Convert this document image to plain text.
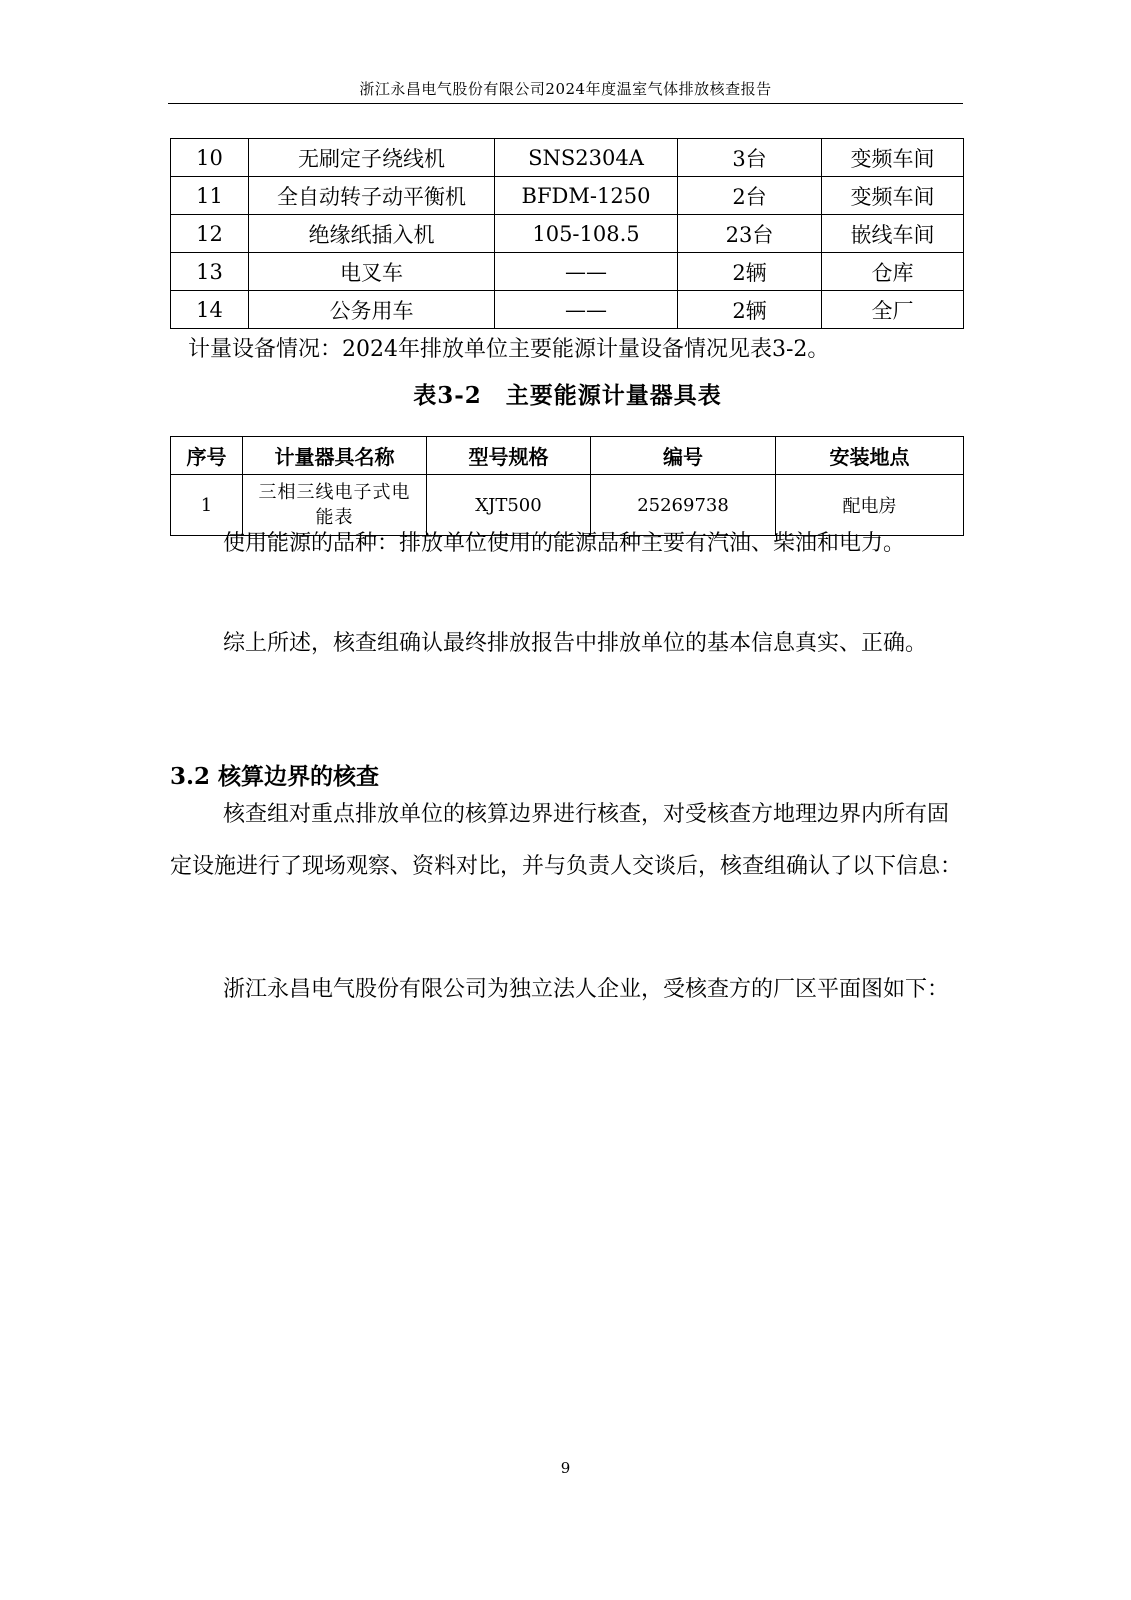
浙江永昌电气股份有限公司2024年度温室气体排放核查报告
10	无刷定子绕线机	SNS2304A	3台	变频车间
11	全自动转子动平衡机	BFDM-1250	2台	变频车间
12	绝缘纸插入机	105-108.5	23台	嵌线车间
13	电叉车	——	2辆	仓库
14	公务用车	——	2辆	全厂

计量设备情况：2024年排放单位主要能源计量设备情况见表3-2。

表3-2　主要能源计量器具表
序号	计量器具名称	型号规格	编号	安装地点
1	三相三线电子式电能表	XJT500	25269738	配电房

使用能源的品种：排放单位使用的能源品种主要有汽油、柴油和电力。

综上所述，核查组确认最终排放报告中排放单位的基本信息真实、正确。

3.2 核算边界的核查

核查组对重点排放单位的核算边界进行核查，对受核查方地理边界内所有固定设施进行了现场观察、资料对比，并与负责人交谈后，核查组确认了以下信息：

浙江永昌电气股份有限公司为独立法人企业，受核查方的厂区平面图如下：

9
